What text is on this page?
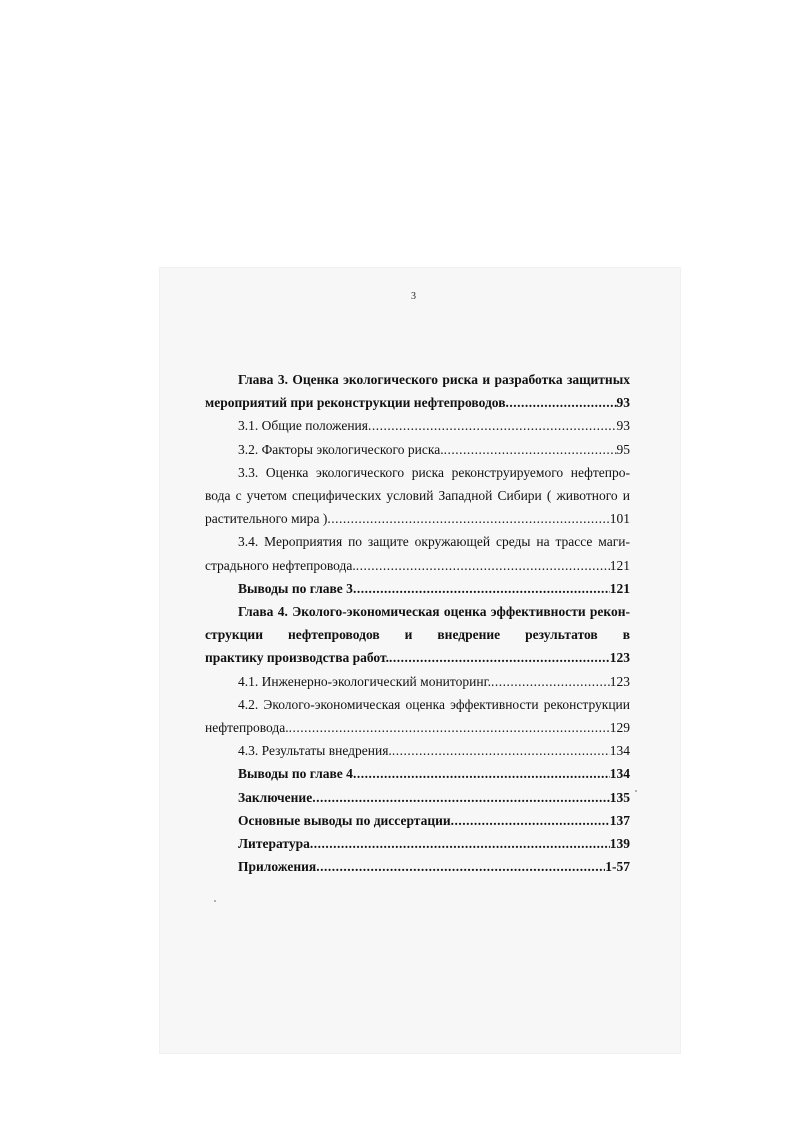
3
Глава 3. Оценка экологического риска и разработка защитных
мероприятий при реконструкции нефтепроводов .....	93
3.1. Общие положения .....	93
3.2. Факторы экологического риска. .....	95
3.3. Оценка экологического риска реконструируемого нефтепро-
вода с учетом специфических условий Западной Сибири ( животного и
растительного мира ) .....	101
3.4. Мероприятия по защите окружающей среды на трассе маги-
страдьного нефтепровода. .....	121
Выводы по главе 3 .....	121
Глава 4. Эколого-экономическая оценка эффективности рекон-
струкции нефтепроводов и внедрение результатов в
практику производства работ. .....	123
4.1. Инженерно-экологический мониторинг. .....	123
4.2. Эколого-экономическая оценка эффективности реконструкции
нефтепровода. .....	129
4.3. Результаты внедрения. .....	134
Выводы по главе 4 .....	134
Заключение .....	135
Основные выводы по диссертации .....	137
Литература .....	139
Приложения .....	1-57
